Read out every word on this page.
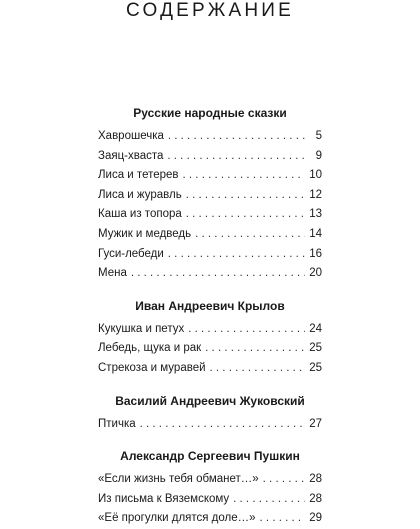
СОДЕРЖАНИЕ
Русские народные сказки
Хаврошечка . . .	5
Заяц-хваста . . .	9
Лиса и тетерев . . .	10
Лиса и журавль . . .	12
Каша из топора . . .	13
Мужик и медведь . . .	14
Гуси-лебеди . . .	16
Мена . . .	20
Иван Андреевич Крылов
Кукушка и петух . . .	24
Лебедь, щука и рак . . .	25
Стрекоза и муравей . . .	25
Василий Андреевич Жуковский
Птичка . . .	27
Александр Сергеевич Пушкин
«Если жизнь тебя обманет…» . . .	28
Из письма к Вяземскому . . .	28
«Её прогулки длятся доле…» . . .	29
